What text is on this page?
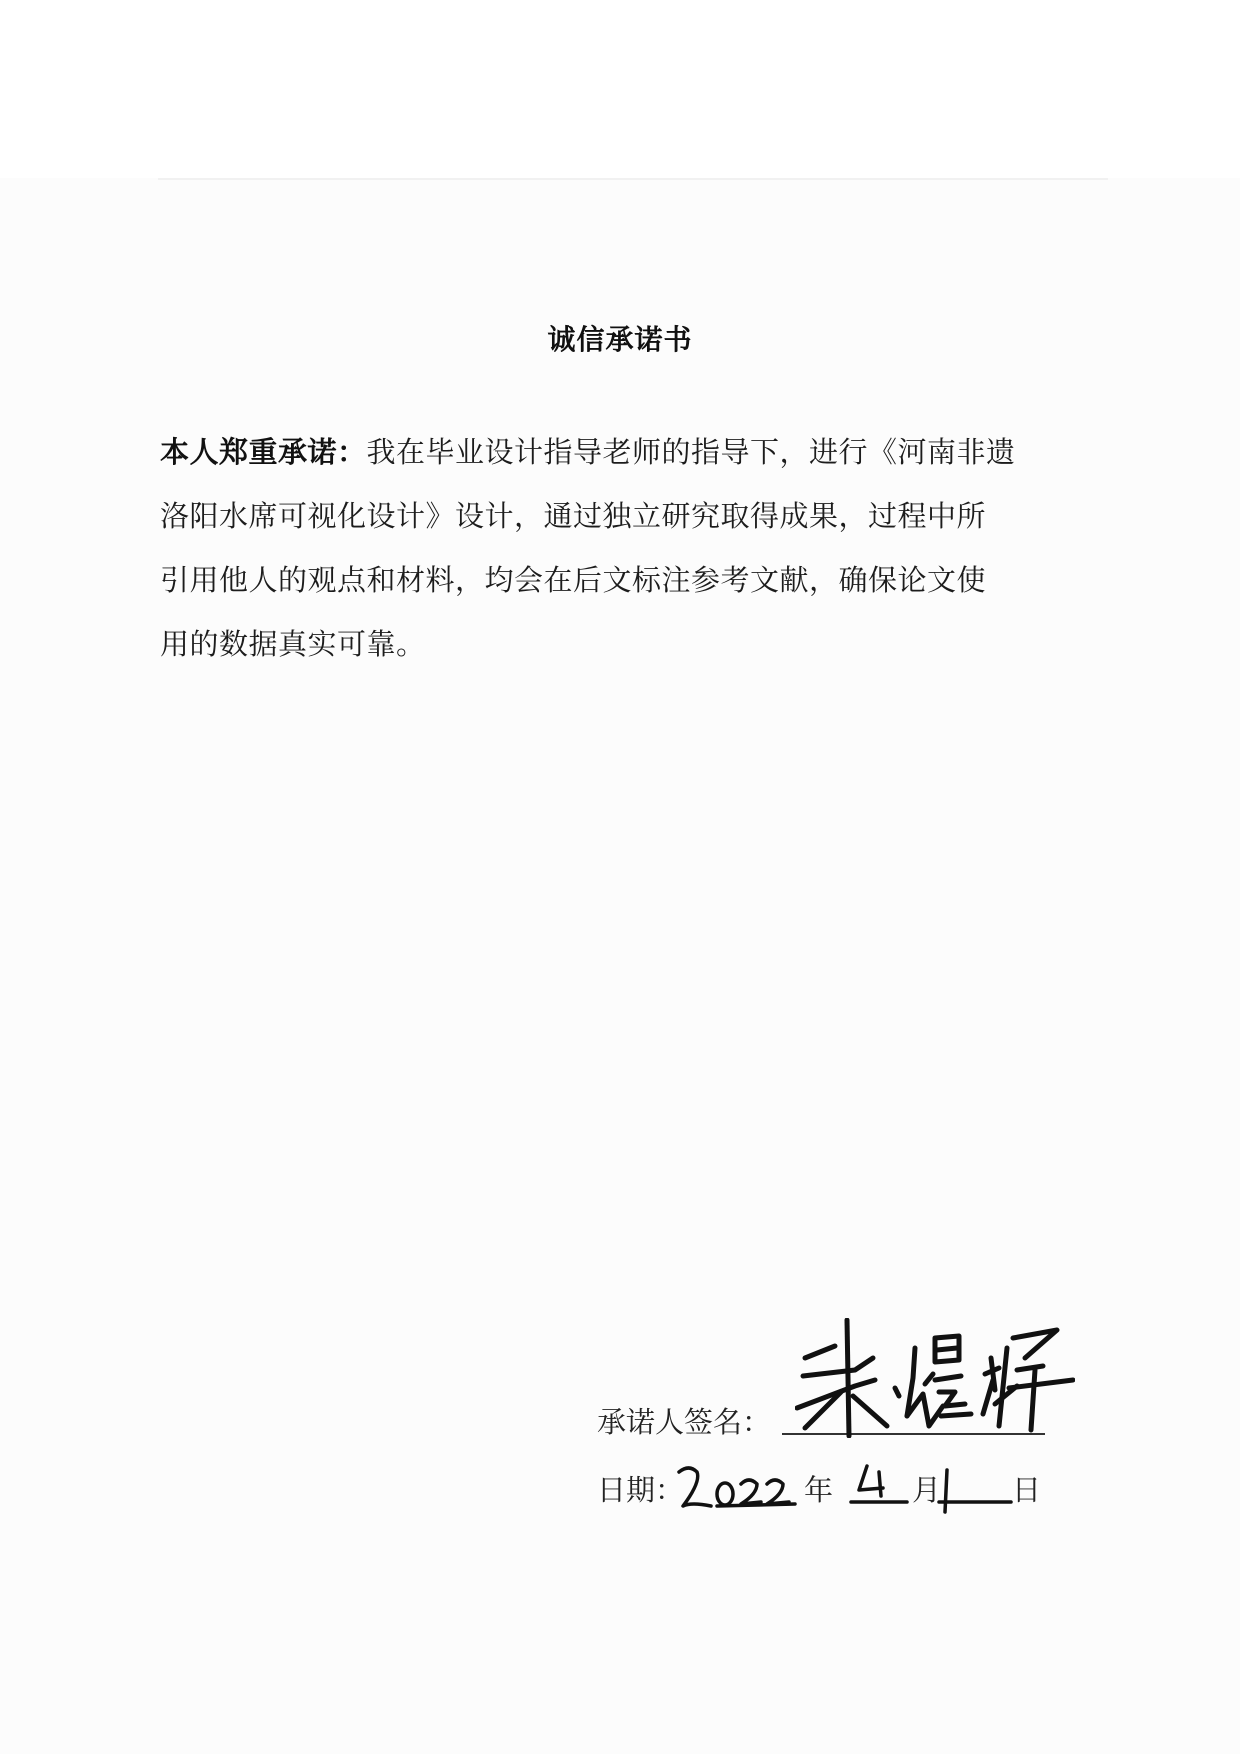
诚信承诺书
本人郑重承诺：我在毕业设计指导老师的指导下，进行《河南非遗
洛阳水席可视化设计》设计，通过独立研究取得成果，过程中所
引用他人的观点和材料，均会在后文标注参考文献，确保论文使
用的数据真实可靠。
承诺人签名：
日期：	年	月 日
